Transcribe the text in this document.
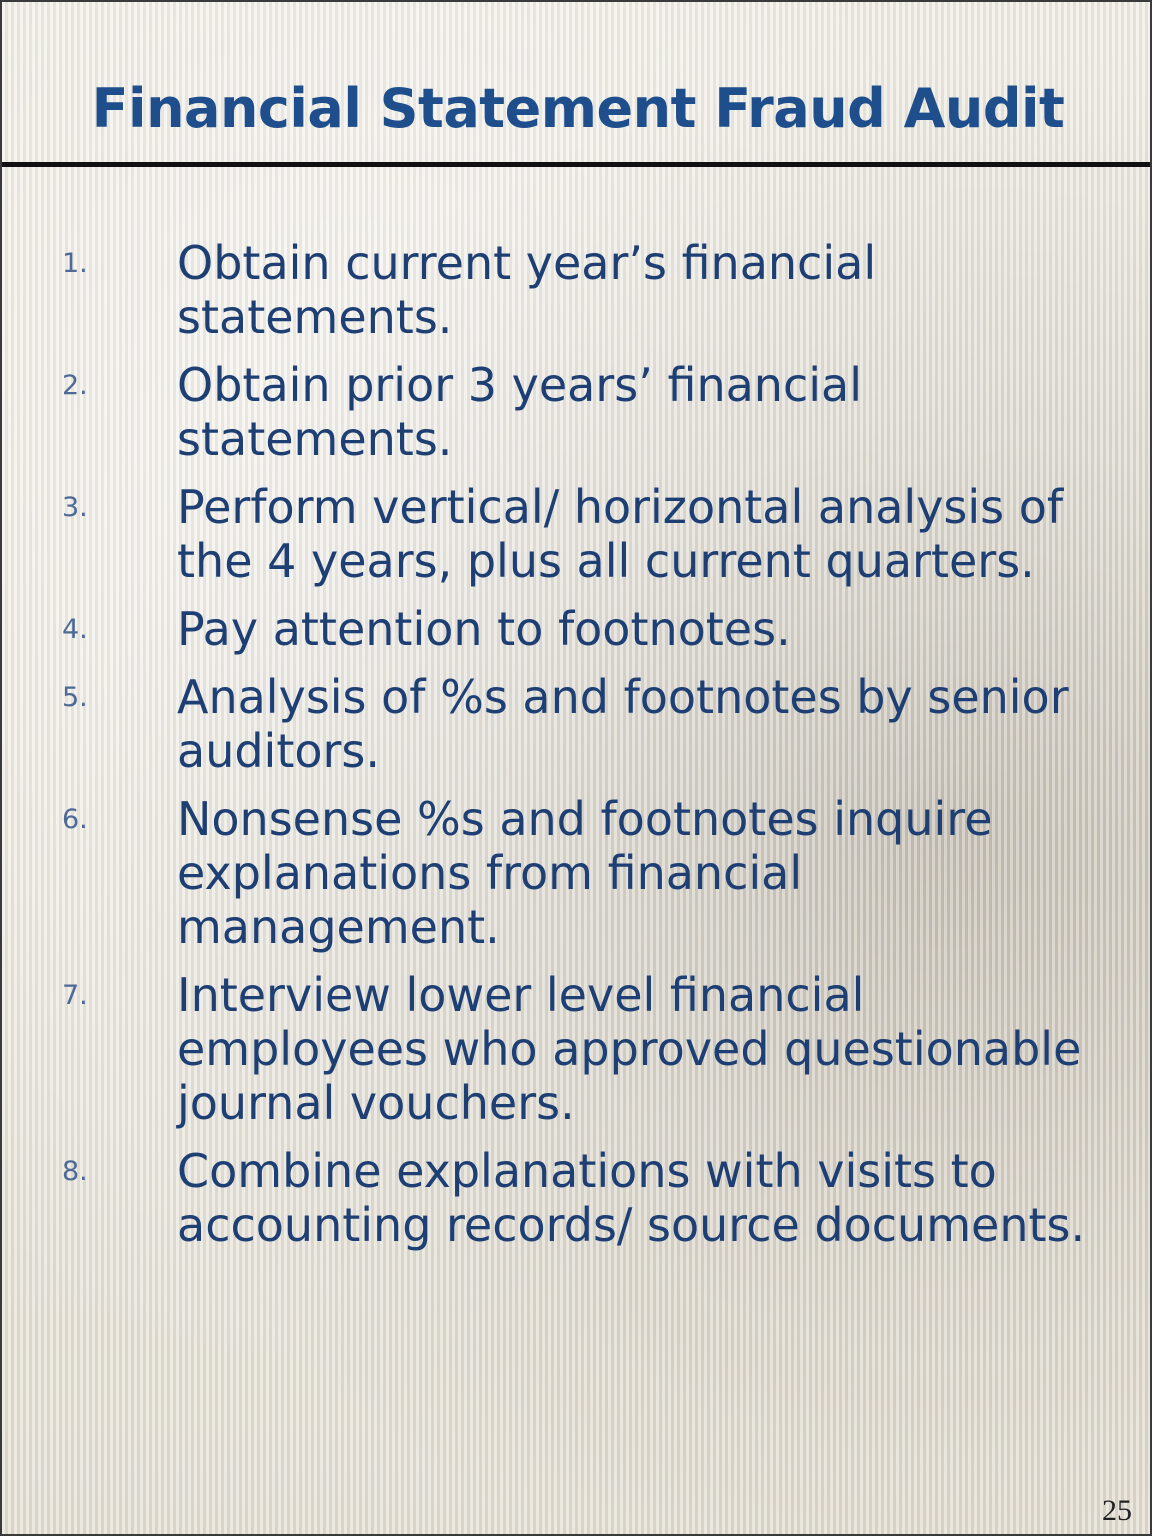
Financial Statement Fraud Audit
1. Obtain current year’s financial statements.
2. Obtain prior 3 years’ financial statements.
3. Perform vertical/ horizontal analysis of the 4 years, plus all current quarters.
4. Pay attention to footnotes.
5. Analysis of %s and footnotes by senior auditors.
6. Nonsense %s and footnotes inquire explanations from financial management.
7. Interview lower level financial employees who approved questionable journal vouchers.
8. Combine explanations with visits to accounting records/ source documents.
25
